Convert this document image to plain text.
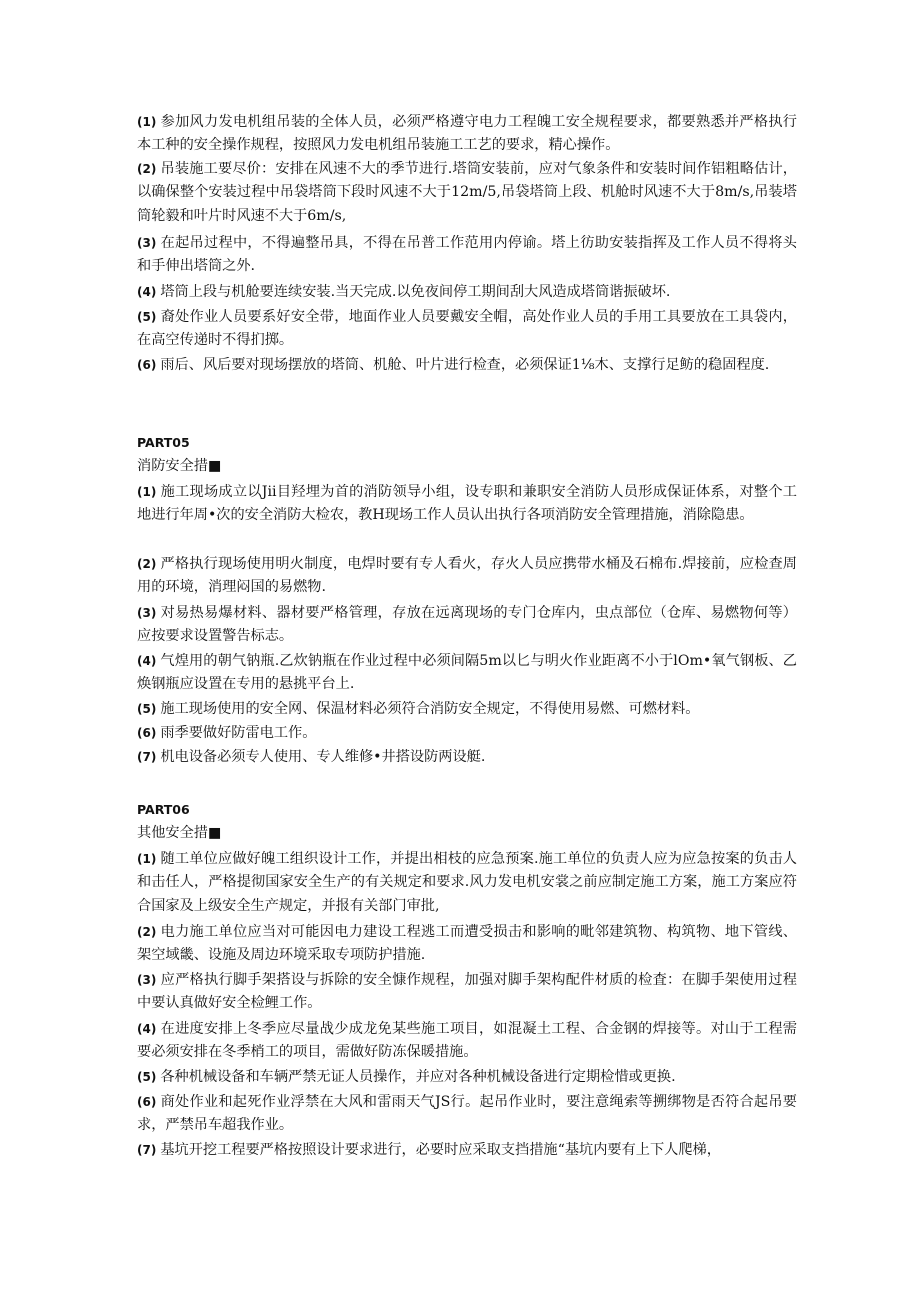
(1) 参加风力发电机组吊装的全体人员，必须严格遵守电力工程魄工安全规程要求，都要熟悉并严格执行本工种的安全操作规程，按照风力发电机组吊装施工工艺的要求，精心操作。

(2) 吊装施工要尽价：安排在风速不大的季节进行.塔筒安装前，应对气象条件和安装时间作铝粗略估计，以确保整个安装过程中吊袋塔筒下段时风速不大于12m/5,吊袋塔筒上段、机舱时风速不大于8m/s,吊装塔筒轮毅和叶片时风速不大于6m/s,

(3) 在起吊过程中，不得遍整吊具，不得在吊普工作范用内停谕。塔上彷助安装指挥及工作人员不得将头和手伸出塔筒之外.

(4) 塔筒上段与机舱要连续安装.当天完成.以免夜间停工期间刮大风造成塔筒谐振破坏.

(5) 裔处作业人员要系好安全带，地面作业人员要戴安全帽，高处作业人员的手用工具要放在工具袋内，在高空传递时不得扪掷。

(6) 雨后、风后要对现场摆放的塔筒、机舱、叶片进行检查，必须保证1⅛木、支撑行足鲂的稳固程度.

PART05

消防安全措■

(1) 施工现场成立以Jii目羟埋为首的消防领导小组，设专职和兼职安全消防人员形成保证体系，对整个工地进行年周•次的安全消防大检农，教H现场工作人员认出执行各项消防安全管理措施，消除隐患。

(2) 严格执行现场使用明火制度，电焊时要有专人看火，存火人员应携带水桶及石棉布.焊接前，应检查周用的环境，消理闷国的易燃物.

(3) 对易热易爆材料、器材要严格管理，存放在远离现场的专门仓库内，虫点部位（仓库、易燃物何等）应按要求设置警告标志。

(4) 气煌用的朝气钠瓶.乙炊钠瓶在作业过程中必须间隔5m以匕与明火作业距离不小于lOm•氧气钢板、乙焕钢瓶应设置在专用的悬挑平台上.

(5) 施工现场使用的安全网、保温材料必须符合消防安全规定，不得使用易燃、可燃材料。

(6) 雨季要做好防雷电工作。

(7) 机电设备必须专人使用、专人维修•井搭设防两设艇.

PART06

其他安全措■

(1) 随工单位应做好魄工组织设计工作，并提出相枝的应急预案.施工单位的负责人应为应急按案的负击人和击任人，严格提彻国家安全生产的有关规定和要求.风力发电机安裳之前应制定施工方案，施工方案应符合国家及上级安全生产规定，并报有关部门审批,

(2) 电力施工单位应当对可能因电力建设工程逃工而遭受损击和影响的毗邻建筑物、构筑物、地下管线、架空域畿、设施及周边环境采取专项防护措施.

(3) 应严格执行脚手架搭设与拆除的安全慷作规程，加强对脚手架构配件材质的检査：在脚手架使用过程中要认真做好安全检鲤工作。

(4) 在进度安排上冬季应尽量战少成龙免某些施工项目，如混凝土工程、合金钢的焊接等。对山于工程需要必须安排在冬季梢工的项目，需做好防冻保暖措施。

(5) 各种机械设备和车辆严禁无证人员操作，并应对各种机械设备进行定期检惜或更换.

(6) 商处作业和起死作业浮禁在大风和雷雨天气JS行。起吊作业时，要注意绳索等搠绑物是否符合起吊要求，严禁吊车超我作业。

(7) 基坑开挖工程要严格按照设计要求进行，必要时应采取支挡措施“基坑内要有上下人爬梯，
